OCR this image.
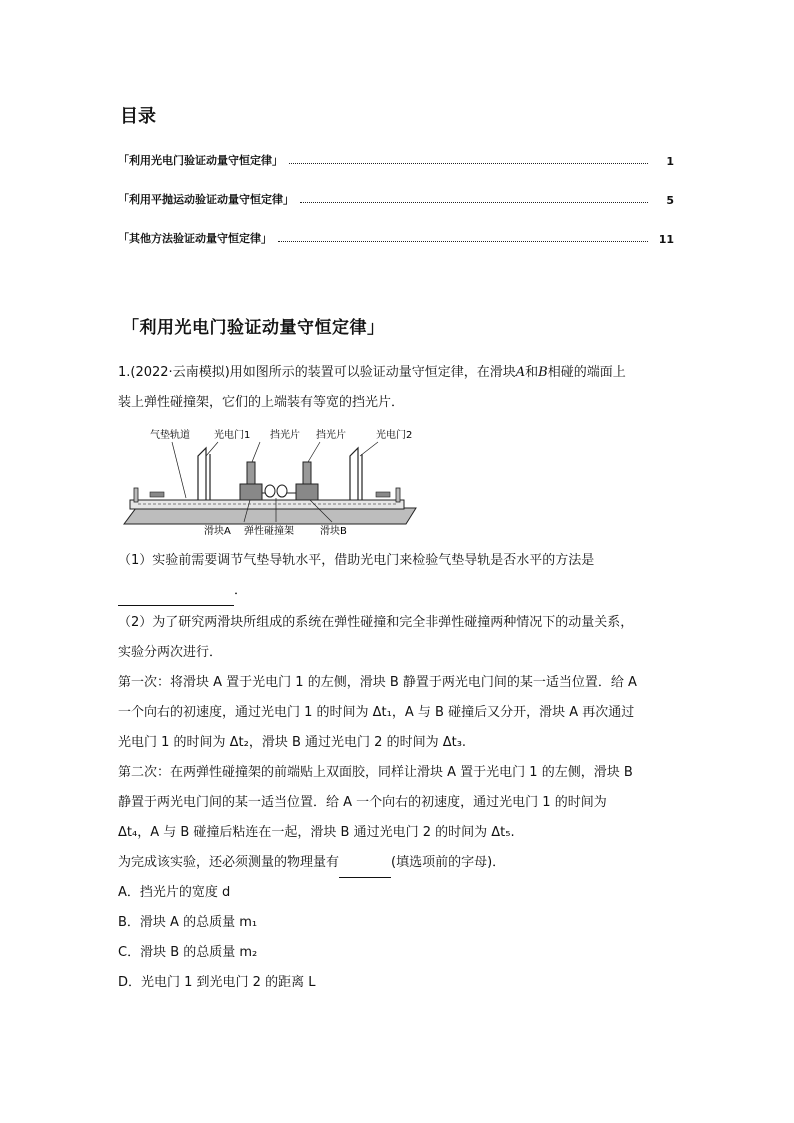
目录
「利用光电门验证动量守恒定律」	1
「利用平抛运动验证动量守恒定律」	5
「其他方法验证动量守恒定律」	11
「利用光电门验证动量守恒定律」
1.(2022·云南模拟)用如图所示的装置可以验证动量守恒定律，在滑块A和B相碰的端面上
装上弹性碰撞架，它们的上端装有等宽的挡光片．
气垫轨道 光电门1 挡光片 挡光片	光电门2
滑块A 弹性碰撞架	滑块B
（1）实验前需要调节气垫导轨水平，借助光电门来检验气垫导轨是否水平的方法是
．
（2）为了研究两滑块所组成的系统在弹性碰撞和完全非弹性碰撞两种情况下的动量关系，
实验分两次进行．
第一次：将滑块 A 置于光电门 1 的左侧，滑块 B 静置于两光电门间的某一适当位置．给 A
一个向右的初速度，通过光电门 1 的时间为 Δt₁，A 与 B 碰撞后又分开，滑块 A 再次通过
光电门 1 的时间为 Δt₂，滑块 B 通过光电门 2 的时间为 Δt₃.
第二次：在两弹性碰撞架的前端贴上双面胶，同样让滑块 A 置于光电门 1 的左侧，滑块 B
静置于两光电门间的某一适当位置．给 A 一个向右的初速度，通过光电门 1 的时间为
Δt₄，A 与 B 碰撞后粘连在一起，滑块 B 通过光电门 2 的时间为 Δt₅.
为完成该实验，还必须测量的物理量有	(填选项前的字母)．
A．挡光片的宽度 d
B．滑块 A 的总质量 m₁
C．滑块 B 的总质量 m₂
D．光电门 1 到光电门 2 的距离 L
